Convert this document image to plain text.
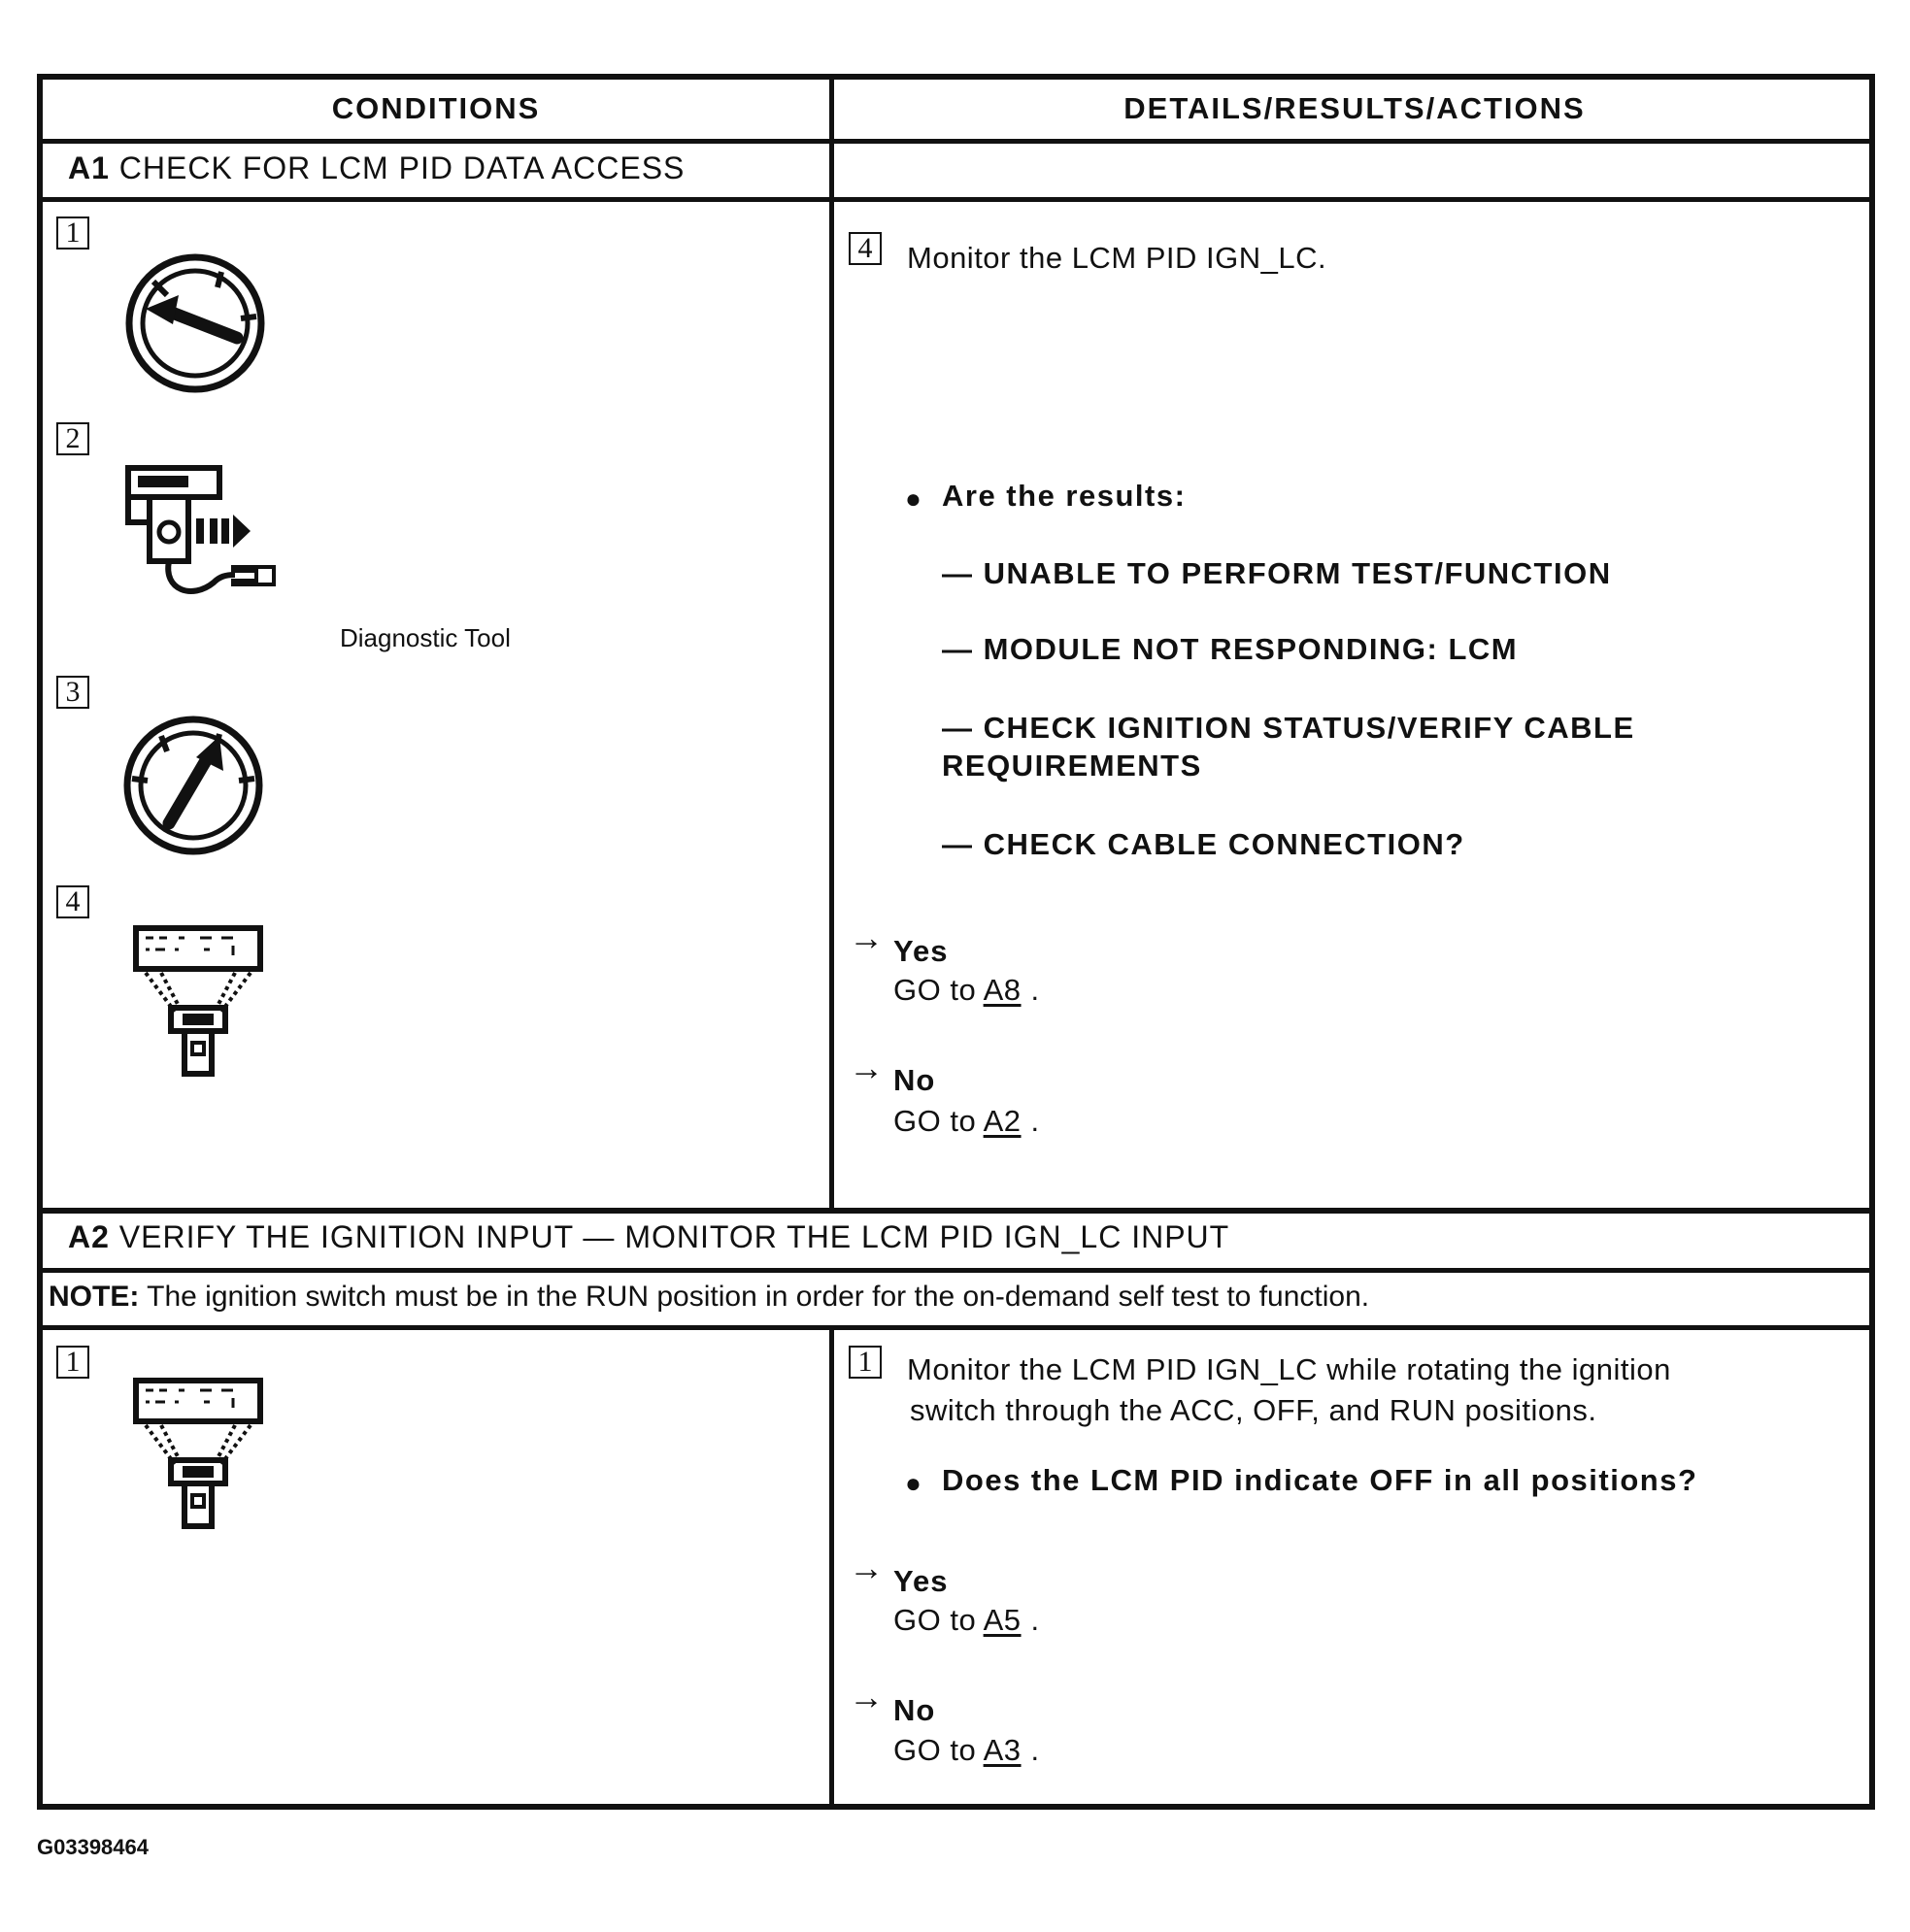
CONDITIONS	DETAILS/RESULTS/ACTIONS
A1 CHECK FOR LCM PID DATA ACCESS
1
2
Diagnostic Tool
3
4
4	Monitor the LCM PID IGN_LC.
● Are the results:
— UNABLE TO PERFORM TEST/FUNCTION
— MODULE NOT RESPONDING: LCM
— CHECK IGNITION STATUS/VERIFY CABLE
REQUIREMENTS
— CHECK CABLE CONNECTION?
→ Yes
GO to A8 .
→ No
GO to A2 .
A2 VERIFY THE IGNITION INPUT — MONITOR THE LCM PID IGN_LC INPUT
NOTE: The ignition switch must be in the RUN position in order for the on-demand self test to function.
1	1	Monitor the LCM PID IGN_LC while rotating the ignition
switch through the ACC, OFF, and RUN positions.
● Does the LCM PID indicate OFF in all positions?
→ Yes
GO to A5 .
→ No
GO to A3 .
G03398464
